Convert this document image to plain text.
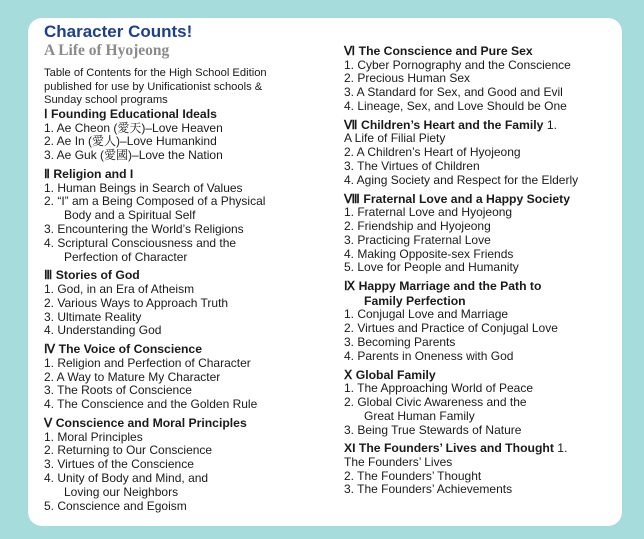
Character Counts!
A Life of Hyojeong
Table of Contents for the High School Edition
published for use by Unificationist schools &
Sunday school programs
Ⅰ Founding Educational Ideals
1. Ae Cheon (愛天)–Love Heaven
2. Ae In (愛人)–Love Humankind
3. Ae Guk (愛國)–Love the Nation
Ⅱ Religion and I
1. Human Beings in Search of Values
2. “I” am a Being Composed of a Physical
Body and a Spiritual Self
3. Encountering the World’s Religions
4. Scriptural Consciousness and the
Perfection of Character
Ⅲ Stories of God
1. God, in an Era of Atheism
2. Various Ways to Approach Truth
3. Ultimate Reality
4. Understanding God
Ⅳ The Voice of Conscience
1. Religion and Perfection of Character
2. A Way to Mature My Character
3. The Roots of Conscience
4. The Conscience and the Golden Rule
Ⅴ Conscience and Moral Principles
1. Moral Principles
2. Returning to Our Conscience
3. Virtues of the Conscience
4. Unity of Body and Mind, and
Loving our Neighbors
5. Conscience and Egoism
Ⅵ The Conscience and Pure Sex
1. Cyber Pornography and the Conscience
2. Precious Human Sex
3. A Standard for Sex, and Good and Evil
4. Lineage, Sex, and Love Should be One
Ⅶ Children’s Heart and the Family 1.
A Life of Filial Piety
2. A Children’s Heart of Hyojeong
3. The Virtues of Children
4. Aging Society and Respect for the Elderly
Ⅷ Fraternal Love and a Happy Society
1. Fraternal Love and Hyojeong
2. Friendship and Hyojeong
3. Practicing Fraternal Love
4. Making Opposite-sex Friends
5. Love for People and Humanity
Ⅸ Happy Marriage and the Path to
Family Perfection
1. Conjugal Love and Marriage
2. Virtues and Practice of Conjugal Love
3. Becoming Parents
4. Parents in Oneness with God
Ⅹ Global Family
1. The Approaching World of Peace
2. Global Civic Awareness and the
Great Human Family
3. Being True Stewards of Nature
XI The Founders’ Lives and Thought 1.
The Founders’ Lives
2. The Founders’ Thought
3. The Founders’ Achievements
